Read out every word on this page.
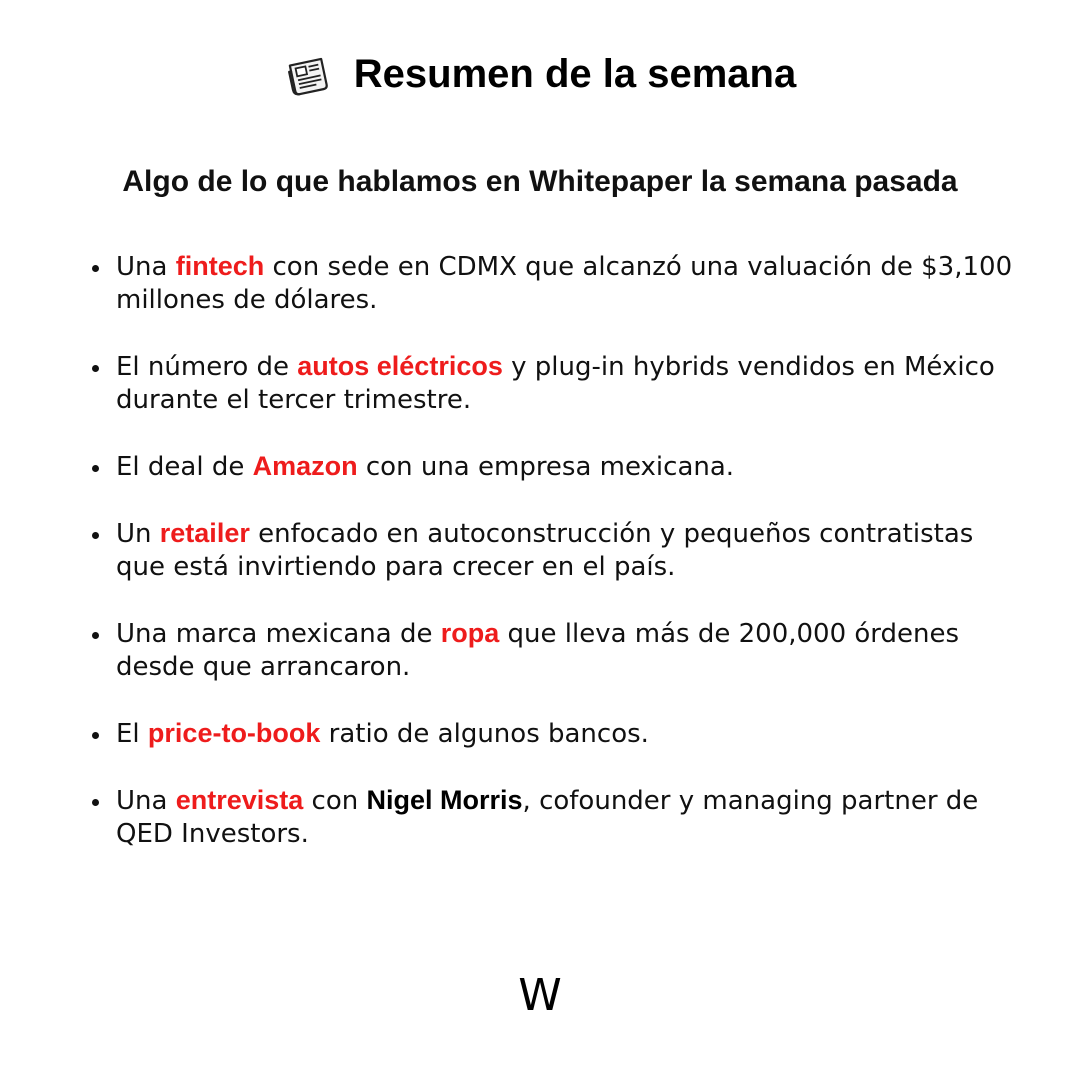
Resumen de la semana
Algo de lo que hablamos en Whitepaper la semana pasada
Una fintech con sede en CDMX que alcanzó una valuación de $3,100 millones de dólares.
El número de autos eléctricos y plug-in hybrids vendidos en México durante el tercer trimestre.
El deal de Amazon con una empresa mexicana.
Un retailer enfocado en autoconstrucción y pequeños contratistas que está invirtiendo para crecer en el país.
Una marca mexicana de ropa que lleva más de 200,000 órdenes desde que arrancaron.
El price-to-book ratio de algunos bancos.
Una entrevista con Nigel Morris, cofounder y managing partner de QED Investors.
W
